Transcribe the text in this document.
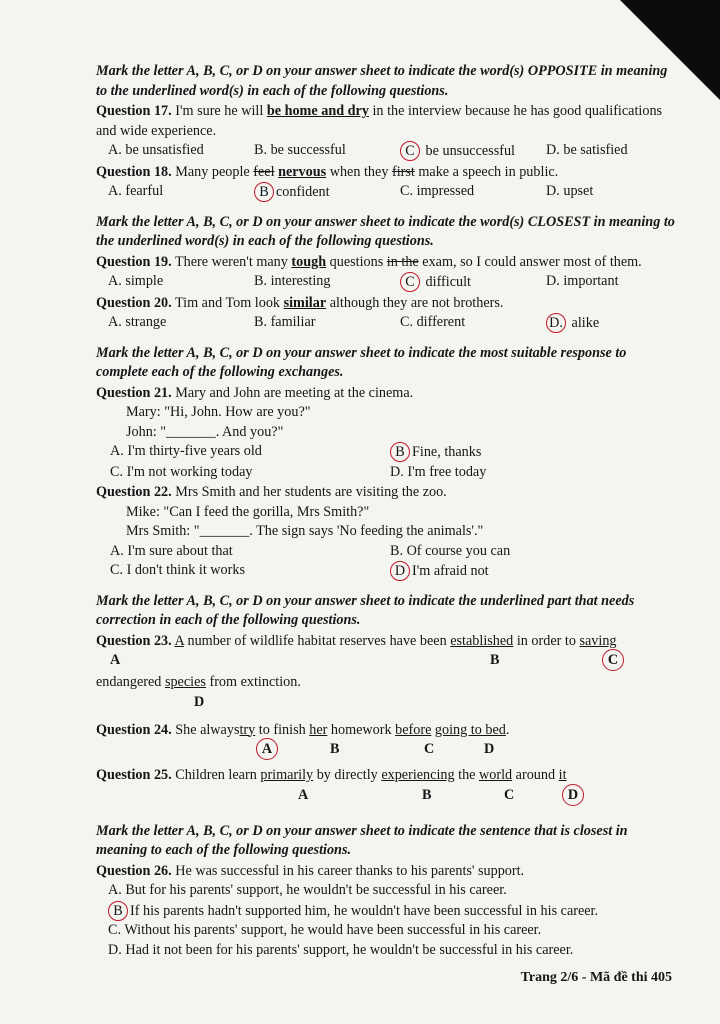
Mark the letter A, B, C, or D on your answer sheet to indicate the word(s) OPPOSITE in meaning to the underlined word(s) in each of the following questions.
Question 17. I'm sure he will be home and dry in the interview because he has good qualifications and wide experience.
A. be unsatisfied	B. be successful	C be unsuccessful	D. be satisfied
Question 18. Many people feel nervous when they first make a speech in public.
A. fearful	B confident	C. impressed	D. upset
Mark the letter A, B, C, or D on your answer sheet to indicate the word(s) CLOSEST in meaning to the underlined word(s) in each of the following questions.
Question 19. There weren't many tough questions in the exam, so I could answer most of them.
A. simple	B. interesting	C difficult	D. important
Question 20. Tim and Tom look similar although they are not brothers.
A. strange	B. familiar	C. different	D. alike
Mark the letter A, B, C, or D on your answer sheet to indicate the most suitable response to complete each of the following exchanges.
Question 21. Mary and John are meeting at the cinema.
Mary: "Hi, John. How are you?"
John: "_______. And you?"
A. I'm thirty-five years old	B Fine, thanks
C. I'm not working today	D. I'm free today
Question 22. Mrs Smith and her students are visiting the zoo.
Mike: "Can I feed the gorilla, Mrs Smith?"
Mrs Smith: "_______. The sign says 'No feeding the animals'."
A. I'm sure about that	B. Of course you can
C. I don't think it works	D I'm afraid not
Mark the letter A, B, C, or D on your answer sheet to indicate the underlined part that needs correction in each of the following questions.
Question 23. A number of wildlife habitat reserves have been established in order to saving
A	B	C
endangered species from extinction.
D
Question 24. She alwaystry to finish her homework before going to bed.
A	B	C	D
Question 25. Children learn primarily by directly experiencing the world around it
A	B	C	D
Mark the letter A, B, C, or D on your answer sheet to indicate the sentence that is closest in meaning to each of the following questions.
Question 26. He was successful in his career thanks to his parents' support.
A. But for his parents' support, he wouldn't be successful in his career.
B If his parents hadn't supported him, he wouldn't have been successful in his career.
C. Without his parents' support, he would have been successful in his career.
D. Had it not been for his parents' support, he wouldn't be successful in his career.
Trang 2/6 - Mã đề thi 405
